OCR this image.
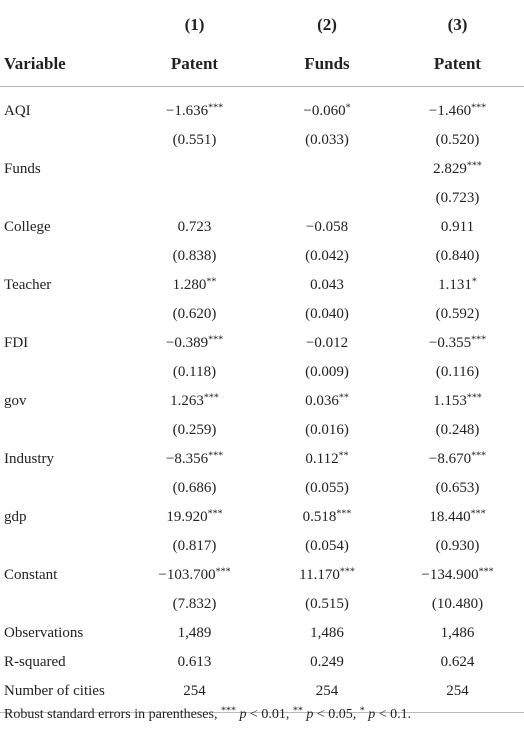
	(1)	(2)	(3)
Variable	Patent	Funds	Patent
AQI	−1.636***	−0.060*	−1.460***
	(0.551)	(0.033)	(0.520)
Funds			2.829***
			(0.723)
College	0.723	−0.058	0.911
	(0.838)	(0.042)	(0.840)
Teacher	1.280**	0.043	1.131*
	(0.620)	(0.040)	(0.592)
FDI	−0.389***	−0.012	−0.355***
	(0.118)	(0.009)	(0.116)
gov	1.263***	0.036**	1.153***
	(0.259)	(0.016)	(0.248)
Industry	−8.356***	0.112**	−8.670***
	(0.686)	(0.055)	(0.653)
gdp	19.920***	0.518***	18.440***
	(0.817)	(0.054)	(0.930)
Constant	−103.700***	11.170***	−134.900***
	(7.832)	(0.515)	(10.480)
Observations	1,489	1,486	1,486
R-squared	0.613	0.249	0.624
Number of cities	254	254	254
Robust standard errors in parentheses, *** p < 0.01, ** p < 0.05, * p < 0.1.
